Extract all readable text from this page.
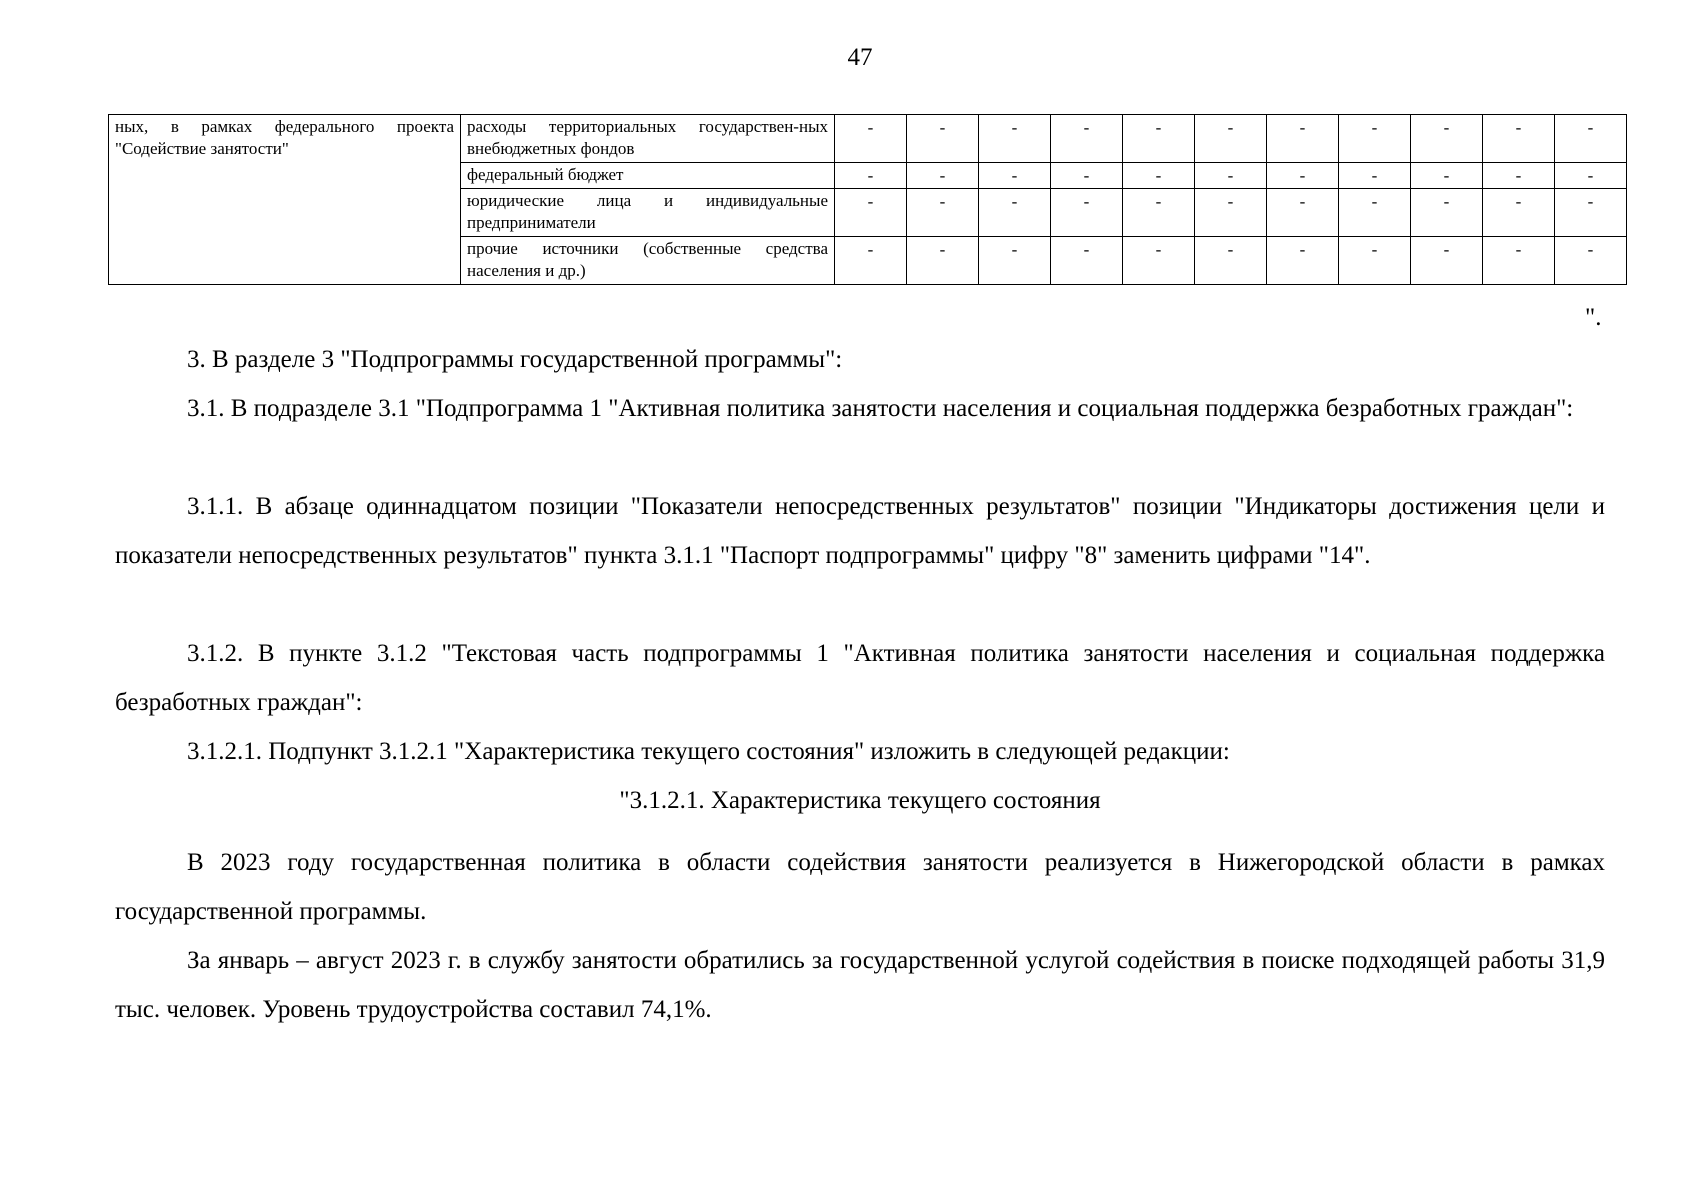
47
ных, в рамках федерального проекта "Содействие занятости"	расходы территориальных государствен-ных внебюджетных фондов	-	-	-	-	-	-	-	-	-	-	-
	федеральный бюджет	-	-	-	-	-	-	-	-	-	-	-
	юридические лица и индивидуальные предприниматели	-	-	-	-	-	-	-	-	-	-	-
	прочие источники (собственные средства населения и др.)	-	-	-	-	-	-	-	-	-	-	-
".

3. В разделе 3 "Подпрограммы государственной программы":

3.1. В подразделе 3.1 "Подпрограмма 1 "Активная политика занятости населения и социальная поддержка безработных граждан":

3.1.1. В абзаце одиннадцатом позиции "Показатели непосредственных результатов" позиции "Индикаторы достижения цели и показатели непосредственных результатов" пункта 3.1.1 "Паспорт подпрограммы" цифру "8" заменить цифрами "14".

3.1.2. В пункте 3.1.2 "Текстовая часть подпрограммы 1 "Активная политика занятости населения и социальная поддержка безработных граждан":

3.1.2.1. Подпункт 3.1.2.1 "Характеристика текущего состояния" изложить в следующей редакции:

"3.1.2.1. Характеристика текущего состояния

В 2023 году государственная политика в области содействия занятости реализуется в Нижегородской области в рамках государственной программы.

За январь – август 2023 г. в службу занятости обратились за государственной услугой содействия в поиске подходящей работы 31,9 тыс. человек. Уровень трудоустройства составил 74,1%.
